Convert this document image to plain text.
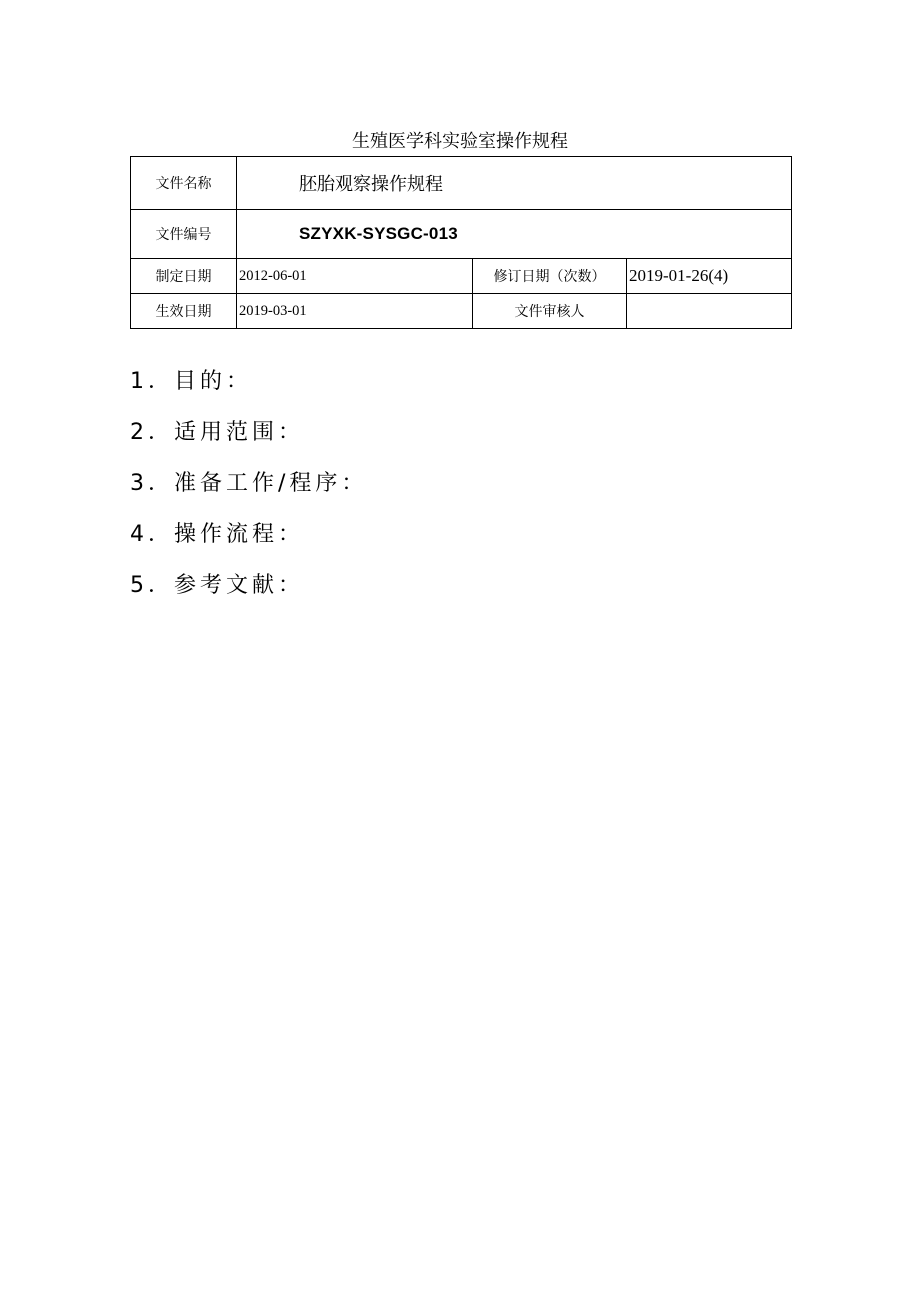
生殖医学科实验室操作规程
文件名称	胚胎观察操作规程		
文件编号	SZYXK-SYSGC-013		
制定日期	2012-06-01	修订日期（次数）	2019-01-26(4)
生效日期	2019-03-01	文件审核人	
1．目的：
2．适用范围：
3．准备工作/程序：
4．操作流程：
5．参考文献：
